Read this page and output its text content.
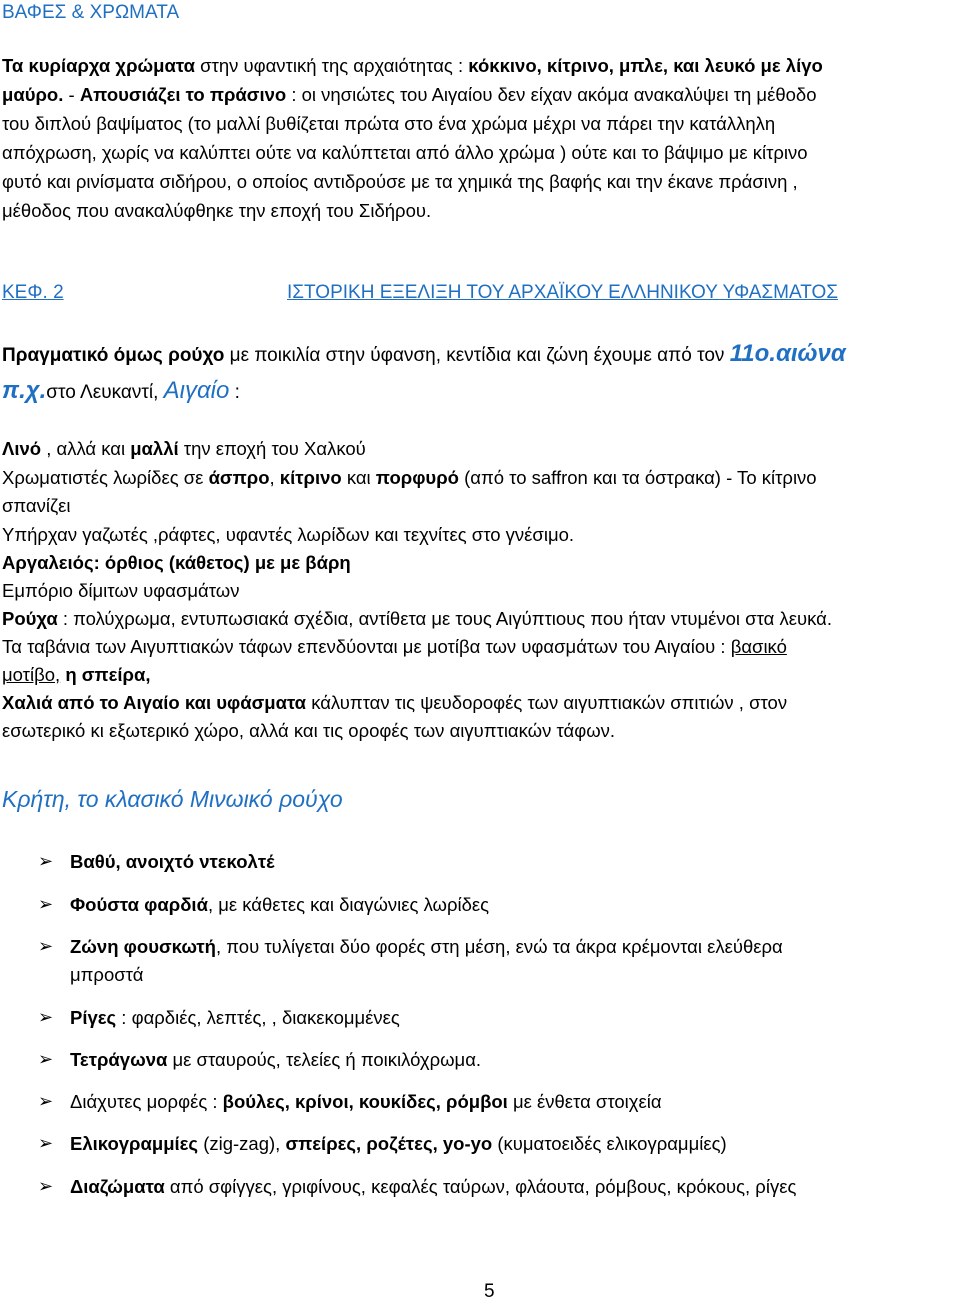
ΒΑΦΕΣ & ΧΡΩΜΑΤΑ
Τα κυρίαρχα χρώματα στην υφαντική της αρχαιότητας : κόκκινο, κίτρινο, μπλε, και λευκό με λίγο
μαύρο. - Απουσιάζει το πράσινο : οι νησιώτες του Αιγαίου δεν είχαν ακόμα ανακαλύψει τη μέθοδο
του διπλού βαψίματος (το μαλλί βυθίζεται πρώτα στο ένα χρώμα μέχρι να πάρει την κατάλληλη
απόχρωση, χωρίς να καλύπτει ούτε να καλύπτεται από άλλο χρώμα ) ούτε και το βάψιμο με κίτρινο
φυτό και ρινίσματα σιδήρου, ο οποίος αντιδρούσε με τα χημικά της βαφής και την έκανε πράσινη ,
μέθοδος που ανακαλύφθηκε την εποχή του Σιδήρου.
ΚΕΦ. 2	ΙΣΤΟΡΙΚΗ ΕΞΕΛΙΞΗ ΤΟΥ ΑΡΧΑΪΚΟΥ ΕΛΛΗΝΙΚΟΥ ΥΦΑΣΜΑΤΟΣ
Πραγματικό όμως ρούχο με ποικιλία στην ύφανση, κεντίδια και ζώνη έχουμε από τον 11ο.αιώνα
π.χ.στο Λευκαντί, Αιγαίο :
Λινό , αλλά και μαλλί την εποχή του Χαλκού
Χρωματιστές λωρίδες σε άσπρο, κίτρινο και πορφυρό (από το saffron και τα όστρακα) - Το κίτρινο
σπανίζει
Υπήρχαν γαζωτές ,ράφτες, υφαντές λωρίδων και τεχνίτες στο γνέσιμο.
Αργαλειός: όρθιος (κάθετος) με με βάρη
Εμπόριο δίμιτων υφασμάτων
Ρούχα : πολύχρωμα, εντυπωσιακά σχέδια, αντίθετα με τους Αιγύπτιους που ήταν ντυμένοι στα λευκά.
Τα ταβάνια των Αιγυπτιακών τάφων επενδύονται με μοτίβα των υφασμάτων του Αιγαίου : βασικό
μοτίβο, η σπείρα,
Χαλιά από το Αιγαίο και υφάσματα κάλυπταν τις ψευδοροφές των αιγυπτιακών σπιτιών , στον
εσωτερικό κι εξωτερικό χώρο, αλλά και τις οροφές των αιγυπτιακών τάφων.
Κρήτη, το κλασικό Μινωικό ρούχο
➢ Βαθύ, ανοιχτό ντεκολτέ
➢ Φούστα φαρδιά, με κάθετες και διαγώνιες λωρίδες
➢ Ζώνη φουσκωτή, που τυλίγεται δύο φορές στη μέση, ενώ τα άκρα κρέμονται ελεύθερα
μπροστά
➢ Ρίγες : φαρδιές, λεπτές, , διακεκομμένες
➢ Τετράγωνα με σταυρούς, τελείες ή ποικιλόχρωμα.
➢ Διάχυτες μορφές : βούλες, κρίνοι, κουκίδες, ρόμβοι με ένθετα στοιχεία
➢ Ελικογραμμίες (zig-zag), σπείρες, ροζέτες, yo-yo (κυματοειδές ελικογραμμίες)
➢ Διαζώματα από σφίγγες, γριφίνους, κεφαλές ταύρων, φλάουτα, ρόμβους, κρόκους, ρίγες
5
